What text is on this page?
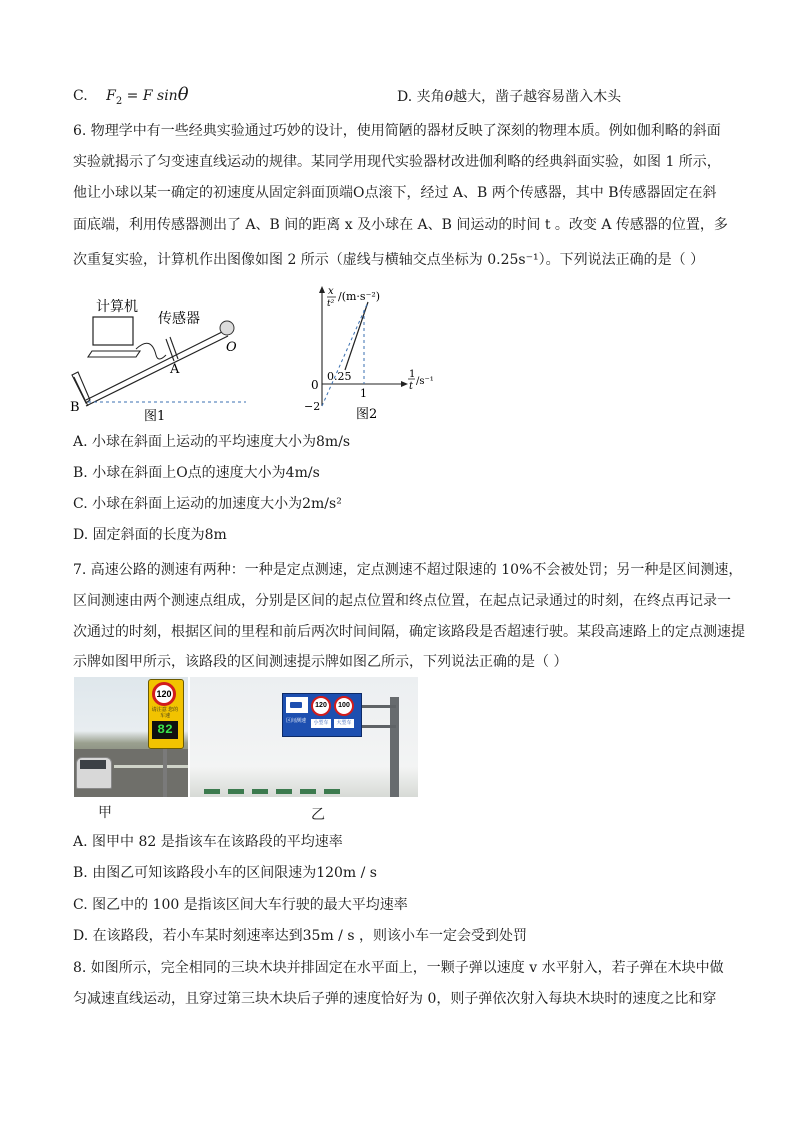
C. $F_2 = F$ sinθ	D. 夹角θ越大，凿子越容易凿入木头
6. 物理学中有一些经典实验通过巧妙的设计，使用简陋的器材反映了深刻的物理本质。例如伽利略的斜面
实验就揭示了匀变速直线运动的规律。某同学用现代实验器材改进伽利略的经典斜面实验，如图 1 所示，
他让小球以某一确定的初速度从固定斜面顶端O点滚下，经过 A、B 两个传感器，其中 B传感器固定在斜
面底端，利用传感器测出了 A、B 间的距离 x 及小球在 A、B 间运动的时间 t 。改变 A 传感器的位置，多
次重复实验，计算机作出图像如图 2 所示（虚线与横轴交点坐标为 0.25s⁻¹）。下列说法正确的是（ ）
计算机
传感器
A
B
O
图1
x
t²
/(m·s⁻²)
1
t /s⁻¹
0
0.25
1
−2
图2
A. 小球在斜面上运动的平均速度大小为8m/s
B. 小球在斜面上O点的速度大小为4m/s
C. 小球在斜面上运动的加速度大小为2m/s²
D. 固定斜面的长度为8m
7. 高速公路的测速有两种：一种是定点测速，定点测速不超过限速的 10%不会被处罚；另一种是区间测速，
区间测速由两个测速点组成，分别是区间的起点位置和终点位置，在起点记录通过的时刻，在终点再记录一
次通过的时刻，根据区间的里程和前后两次时间间隔，确定该路段是否超速行驶。某段高速路上的定点测速提
示牌如图甲所示，该路段的区间测速提示牌如图乙所示，下列说法正确的是（ ）
120
请注意 您的车速
82
120	100
区间测速	小型车	大型车
甲	乙
A. 图甲中 82 是指该车在该路段的平均速率
B. 由图乙可知该路段小车的区间限速为120m / s
C. 图乙中的 100 是指该区间大车行驶的最大平均速率
D. 在该路段，若小车某时刻速率达到35m / s ，则该小车一定会受到处罚
8. 如图所示，完全相同的三块木块并排固定在水平面上，一颗子弹以速度 v 水平射入，若子弹在木块中做
匀减速直线运动，且穿过第三块木块后子弹的速度恰好为 0，则子弹依次射入每块木块时的速度之比和穿
